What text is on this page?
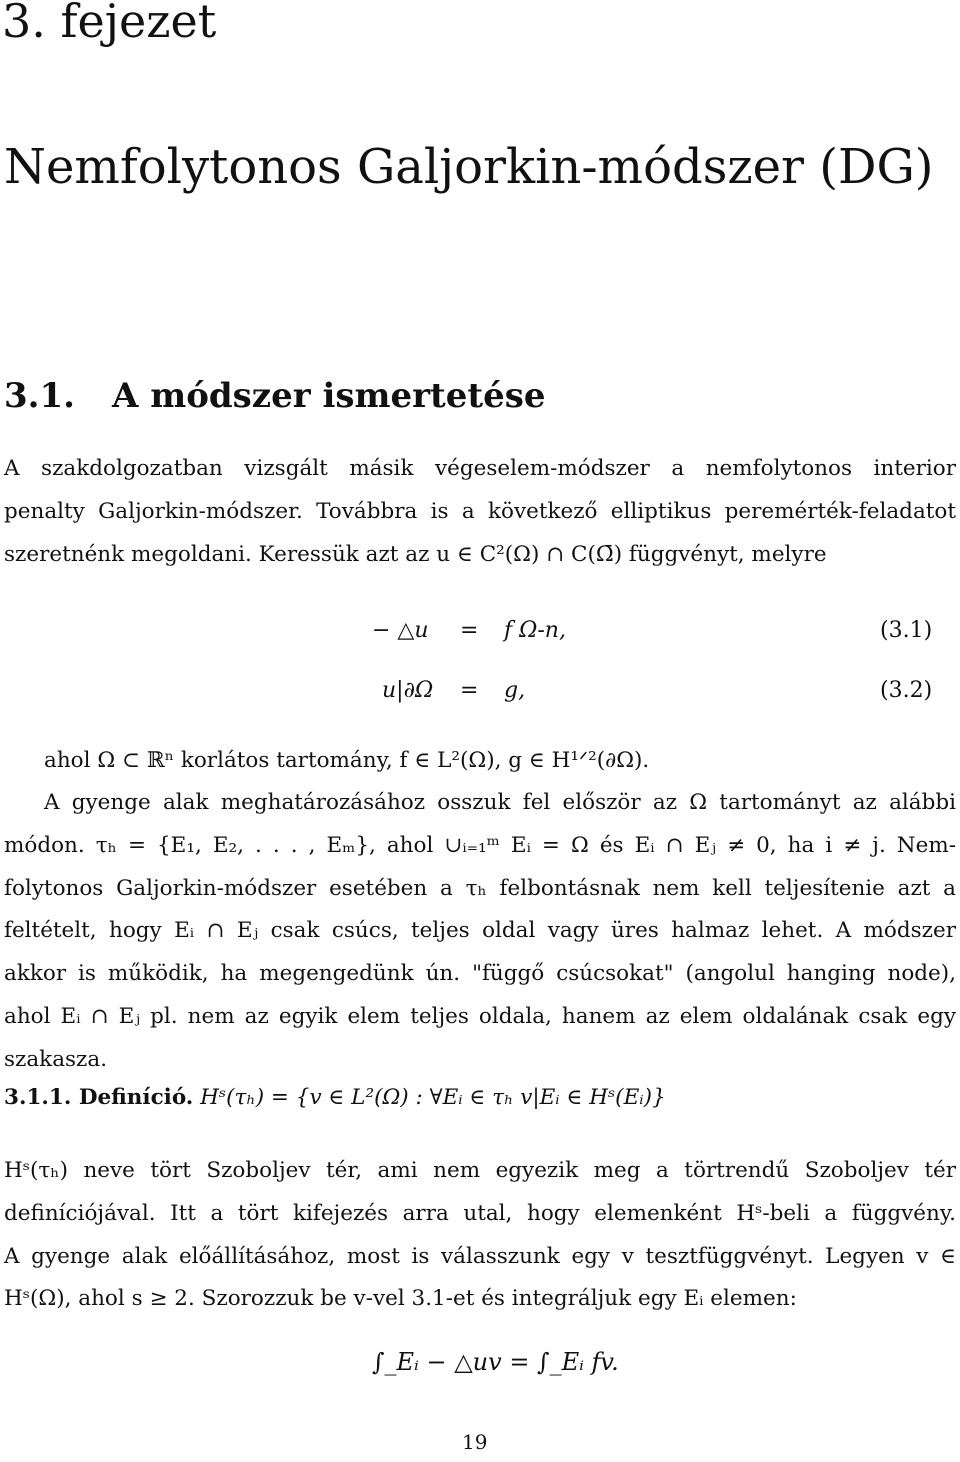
3. fejezet
Nemfolytonos Galjorkin-módszer (DG)
3.1. A módszer ismertetése
A szakdolgozatban vizsgált másik végeselem-módszer a nemfolytonos interior
penalty Galjorkin-módszer. Továbbra is a következő elliptikus peremérték-feladatot
szeretnénk megoldani. Keressük azt az u ∈ C²(Ω) ∩ C(Ω̄) függvényt, melyre
− △u = f Ω-n,	(3.1)
u|∂Ω = g,	(3.2)
ahol Ω ⊂ ℝⁿ korlátos tartomány, f ∈ L²(Ω), g ∈ H¹ᐟ²(∂Ω).
A gyenge alak meghatározásához osszuk fel először az Ω tartományt az alábbi
módon. τₕ = {E₁, E₂, . . . , Eₘ}, ahol ∪ᵢ₌₁ᵐ Eᵢ = Ω és Eᵢ ∩ Eⱼ ≠ 0, ha i ≠ j. Nem-
folytonos Galjorkin-módszer esetében a τₕ felbontásnak nem kell teljesítenie azt a
feltételt, hogy Eᵢ ∩ Eⱼ csak csúcs, teljes oldal vagy üres halmaz lehet. A módszer
akkor is működik, ha megengedünk ún. "függő csúcsokat" (angolul hanging node),
ahol Eᵢ ∩ Eⱼ pl. nem az egyik elem teljes oldala, hanem az elem oldalának csak egy
szakasza.
3.1.1. Definíció. Hˢ(τₕ) = {v ∈ L²(Ω) : ∀Eᵢ ∈ τₕ v|Eᵢ ∈ Hˢ(Eᵢ)}
Hˢ(τₕ) neve tört Szoboljev tér, ami nem egyezik meg a törtrendű Szoboljev tér
definíciójával. Itt a tört kifejezés arra utal, hogy elemenként Hˢ-beli a függvény.
A gyenge alak előállításához, most is válasszunk egy v tesztfüggvényt. Legyen v ∈
Hˢ(Ω), ahol s ≥ 2. Szorozzuk be v-vel 3.1-et és integráljuk egy Eᵢ elemen:
∫_Eᵢ − △uv = ∫_Eᵢ fv.
19
